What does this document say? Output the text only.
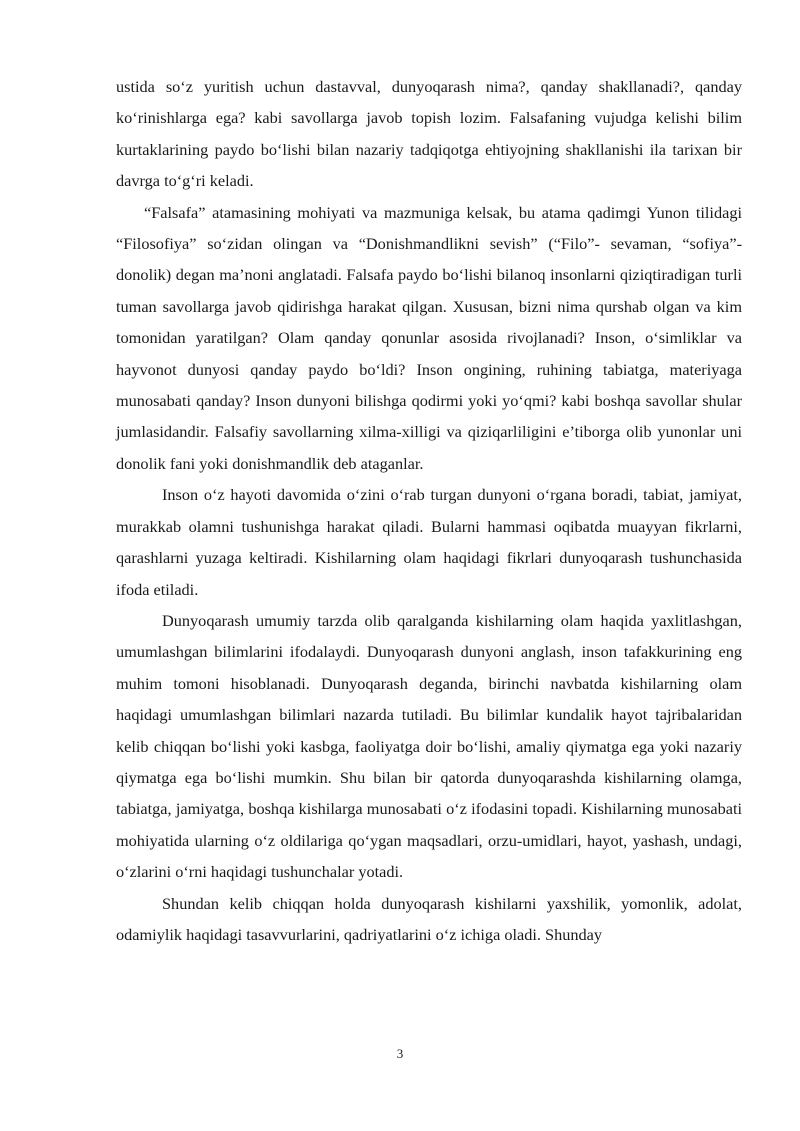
ustida so‘z yuritish uchun dastavval, dunyoqarash nima?, qanday shakllanadi?, qanday ko‘rinishlarga ega? kabi savollarga javob topish lozim. Falsafaning vujudga kelishi bilim kurtaklarining paydo bo‘lishi bilan nazariy tadqiqotga ehtiyojning shakllanishi ila tarixan bir davrga to‘g‘ri keladi.

“Falsafa” atamasining mohiyati va mazmuniga kelsak, bu atama qadimgi Yunon tilidagi “Filosofiya” so‘zidan olingan va “Donishmandlikni sevish” (“Filo”- sevaman, “sofiya”- donolik) degan ma’noni anglatadi. Falsafa paydo bo‘lishi bilanoq insonlarni qiziqtiradigan turli tuman savollarga javob qidirishga harakat qilgan. Xususan, bizni nima qurshab olgan va kim tomonidan yaratilgan? Olam qanday qonunlar asosida rivojlanadi? Inson, o‘simliklar va hayvonot dunyosi qanday paydo bo‘ldi? Inson ongining, ruhining tabiatga, materiyaga munosabati qanday? Inson dunyoni bilishga qodirmi yoki yo‘qmi? kabi boshqa savollar shular jumlasidandir. Falsafiy savollarning xilma-xilligi va qiziqarliligini e’tiborga olib yunonlar uni donolik fani yoki donishmandlik deb ataganlar.

Inson o‘z hayoti davomida o‘zini o‘rab turgan dunyoni o‘rgana boradi, tabiat, jamiyat, murakkab olamni tushunishga harakat qiladi. Bularni hammasi oqibatda muayyan fikrlarni, qarashlarni yuzaga keltiradi. Kishilarning olam haqidagi fikrlari dunyoqarash tushunchasida ifoda etiladi.

Dunyoqarash umumiy tarzda olib qaralganda kishilarning olam haqida yaxlitlashgan, umumlashgan bilimlarini ifodalaydi. Dunyoqarash dunyoni anglash, inson tafakkurining eng muhim tomoni hisoblanadi. Dunyoqarash deganda, birinchi navbatda kishilarning olam haqidagi umumlashgan bilimlari nazarda tutiladi. Bu bilimlar kundalik hayot tajribalaridan kelib chiqqan bo‘lishi yoki kasbga, faoliyatga doir bo‘lishi, amaliy qiymatga ega yoki nazariy qiymatga ega bo‘lishi mumkin. Shu bilan bir qatorda dunyoqarashda kishilarning olamga, tabiatga, jamiyatga, boshqa kishilarga munosabati o‘z ifodasini topadi. Kishilarning munosabati mohiyatida ularning o‘z oldilariga qo‘ygan maqsadlari, orzu-umidlari, hayot, yashash, undagi, o‘zlarini o‘rni haqidagi tushunchalar yotadi.

Shundan kelib chiqqan holda dunyoqarash kishilarni yaxshilik, yomonlik, adolat, odamiylik haqidagi tasavvurlarini, qadriyatlarini o‘z ichiga oladi. Shunday

3
